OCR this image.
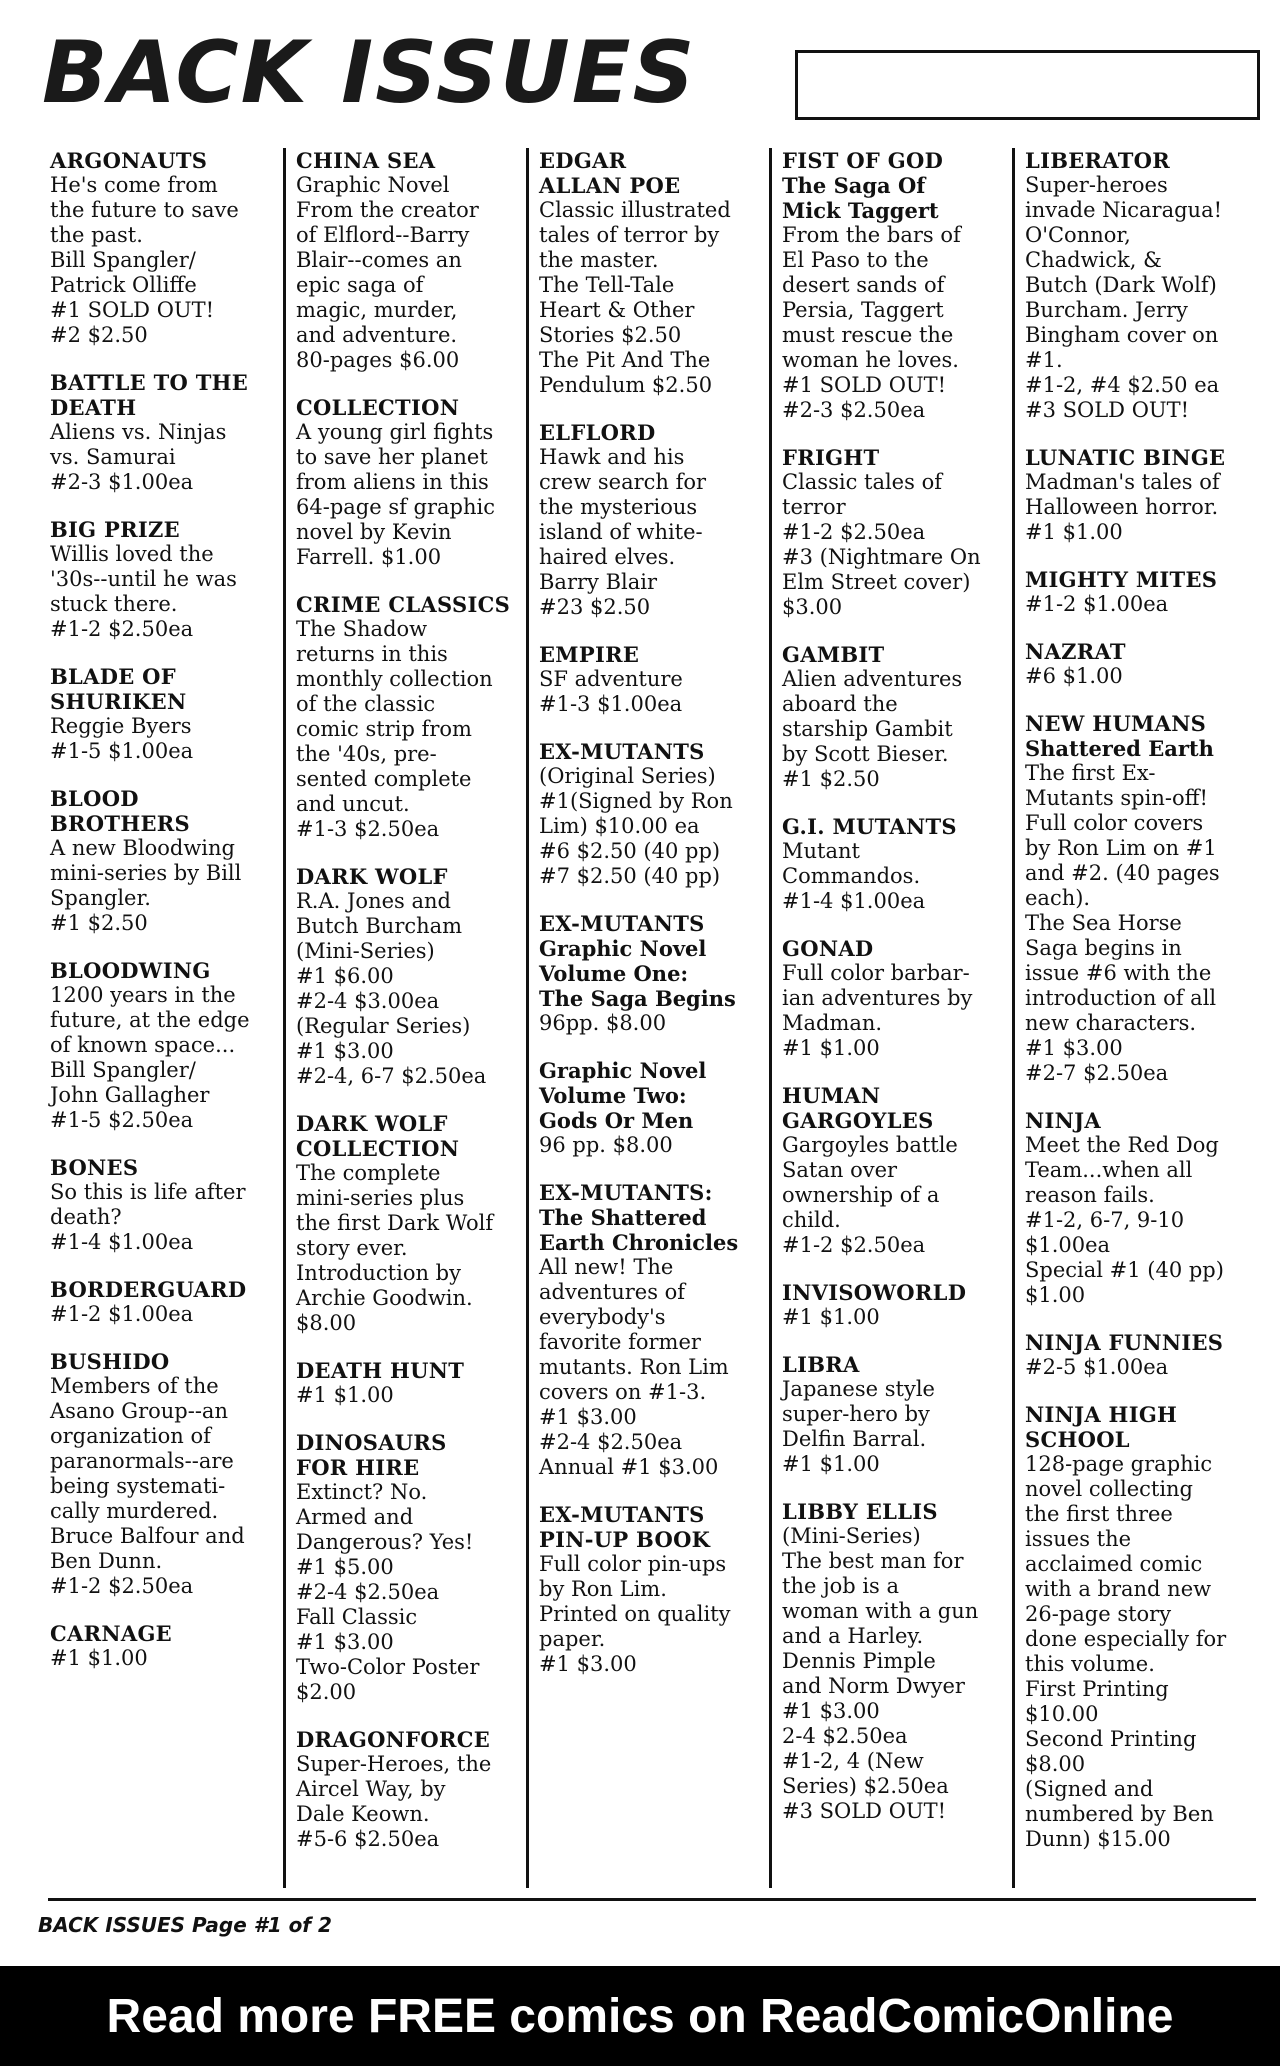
BACK ISSUES
ARGONAUTS
He's come from
the future to save
the past.
Bill Spangler/
Patrick Olliffe
#1 SOLD OUT!
#2 $2.50
BATTLE TO THE
DEATH
Aliens vs. Ninjas
vs. Samurai
#2-3 $1.00ea
BIG PRIZE
Willis loved the
'30s--until he was
stuck there.
#1-2 $2.50ea
BLADE OF
SHURIKEN
Reggie Byers
#1-5 $1.00ea
BLOOD
BROTHERS
A new Bloodwing
mini-series by Bill
Spangler.
#1 $2.50
BLOODWING
1200 years in the
future, at the edge
of known space...
Bill Spangler/
John Gallagher
#1-5 $2.50ea
BONES
So this is life after
death?
#1-4 $1.00ea
BORDERGUARD
#1-2 $1.00ea
BUSHIDO
Members of the
Asano Group--an
organization of
paranormals--are
being systemati-
cally murdered.
Bruce Balfour and
Ben Dunn.
#1-2 $2.50ea
CARNAGE
#1 $1.00
CHINA SEA
Graphic Novel
From the creator
of Elflord--Barry
Blair--comes an
epic saga of
magic, murder,
and adventure.
80-pages $6.00
COLLECTION
A young girl fights
to save her planet
from aliens in this
64-page sf graphic
novel by Kevin
Farrell. $1.00
CRIME CLASSICS
The Shadow
returns in this
monthly collection
of the classic
comic strip from
the '40s, pre-
sented complete
and uncut.
#1-3 $2.50ea
DARK WOLF
R.A. Jones and
Butch Burcham
(Mini-Series)
#1 $6.00
#2-4 $3.00ea
(Regular Series)
#1 $3.00
#2-4, 6-7 $2.50ea
DARK WOLF
COLLECTION
The complete
mini-series plus
the first Dark Wolf
story ever.
Introduction by
Archie Goodwin.
$8.00
DEATH HUNT
#1 $1.00
DINOSAURS
FOR HIRE
Extinct? No.
Armed and
Dangerous? Yes!
#1 $5.00
#2-4 $2.50ea
Fall Classic
#1 $3.00
Two-Color Poster
$2.00
DRAGONFORCE
Super-Heroes, the
Aircel Way, by
Dale Keown.
#5-6 $2.50ea
EDGAR
ALLAN POE
Classic illustrated
tales of terror by
the master.
The Tell-Tale
Heart & Other
Stories $2.50
The Pit And The
Pendulum $2.50
ELFLORD
Hawk and his
crew search for
the mysterious
island of white-
haired elves.
Barry Blair
#23 $2.50
EMPIRE
SF adventure
#1-3 $1.00ea
EX-MUTANTS
(Original Series)
#1(Signed by Ron
Lim) $10.00 ea
#6 $2.50 (40 pp)
#7 $2.50 (40 pp)
EX-MUTANTS
Graphic Novel
Volume One:
The Saga Begins
96pp. $8.00
Graphic Novel
Volume Two:
Gods Or Men
96 pp. $8.00
EX-MUTANTS:
The Shattered
Earth Chronicles
All new! The
adventures of
everybody's
favorite former
mutants. Ron Lim
covers on #1-3.
#1 $3.00
#2-4 $2.50ea
Annual #1 $3.00
EX-MUTANTS
PIN-UP BOOK
Full color pin-ups
by Ron Lim.
Printed on quality
paper.
#1 $3.00
FIST OF GOD
The Saga Of
Mick Taggert
From the bars of
El Paso to the
desert sands of
Persia, Taggert
must rescue the
woman he loves.
#1 SOLD OUT!
#2-3 $2.50ea
FRIGHT
Classic tales of
terror
#1-2 $2.50ea
#3 (Nightmare On
Elm Street cover)
$3.00
GAMBIT
Alien adventures
aboard the
starship Gambit
by Scott Bieser.
#1 $2.50
G.I. MUTANTS
Mutant
Commandos.
#1-4 $1.00ea
GONAD
Full color barbar-
ian adventures by
Madman.
#1 $1.00
HUMAN
GARGOYLES
Gargoyles battle
Satan over
ownership of a
child.
#1-2 $2.50ea
INVISOWORLD
#1 $1.00
LIBRA
Japanese style
super-hero by
Delfin Barral.
#1 $1.00
LIBBY ELLIS
(Mini-Series)
The best man for
the job is a
woman with a gun
and a Harley.
Dennis Pimple
and Norm Dwyer
#1 $3.00
2-4 $2.50ea
#1-2, 4 (New
Series) $2.50ea
#3 SOLD OUT!
LIBERATOR
Super-heroes
invade Nicaragua!
O'Connor,
Chadwick, &
Butch (Dark Wolf)
Burcham. Jerry
Bingham cover on
#1.
#1-2, #4 $2.50 ea
#3 SOLD OUT!
LUNATIC BINGE
Madman's tales of
Halloween horror.
#1 $1.00
MIGHTY MITES
#1-2 $1.00ea
NAZRAT
#6 $1.00
NEW HUMANS
Shattered Earth
The first Ex-
Mutants spin-off!
Full color covers
by Ron Lim on #1
and #2. (40 pages
each).
The Sea Horse
Saga begins in
issue #6 with the
introduction of all
new characters.
#1 $3.00
#2-7 $2.50ea
NINJA
Meet the Red Dog
Team...when all
reason fails.
#1-2, 6-7, 9-10
$1.00ea
Special #1 (40 pp)
$1.00
NINJA FUNNIES
#2-5 $1.00ea
NINJA HIGH
SCHOOL
128-page graphic
novel collecting
the first three
issues the
acclaimed comic
with a brand new
26-page story
done especially for
this volume.
First Printing
$10.00
Second Printing
$8.00
(Signed and
numbered by Ben
Dunn) $15.00
BACK ISSUES Page #1 of 2
Read more FREE comics on ReadComicOnline
